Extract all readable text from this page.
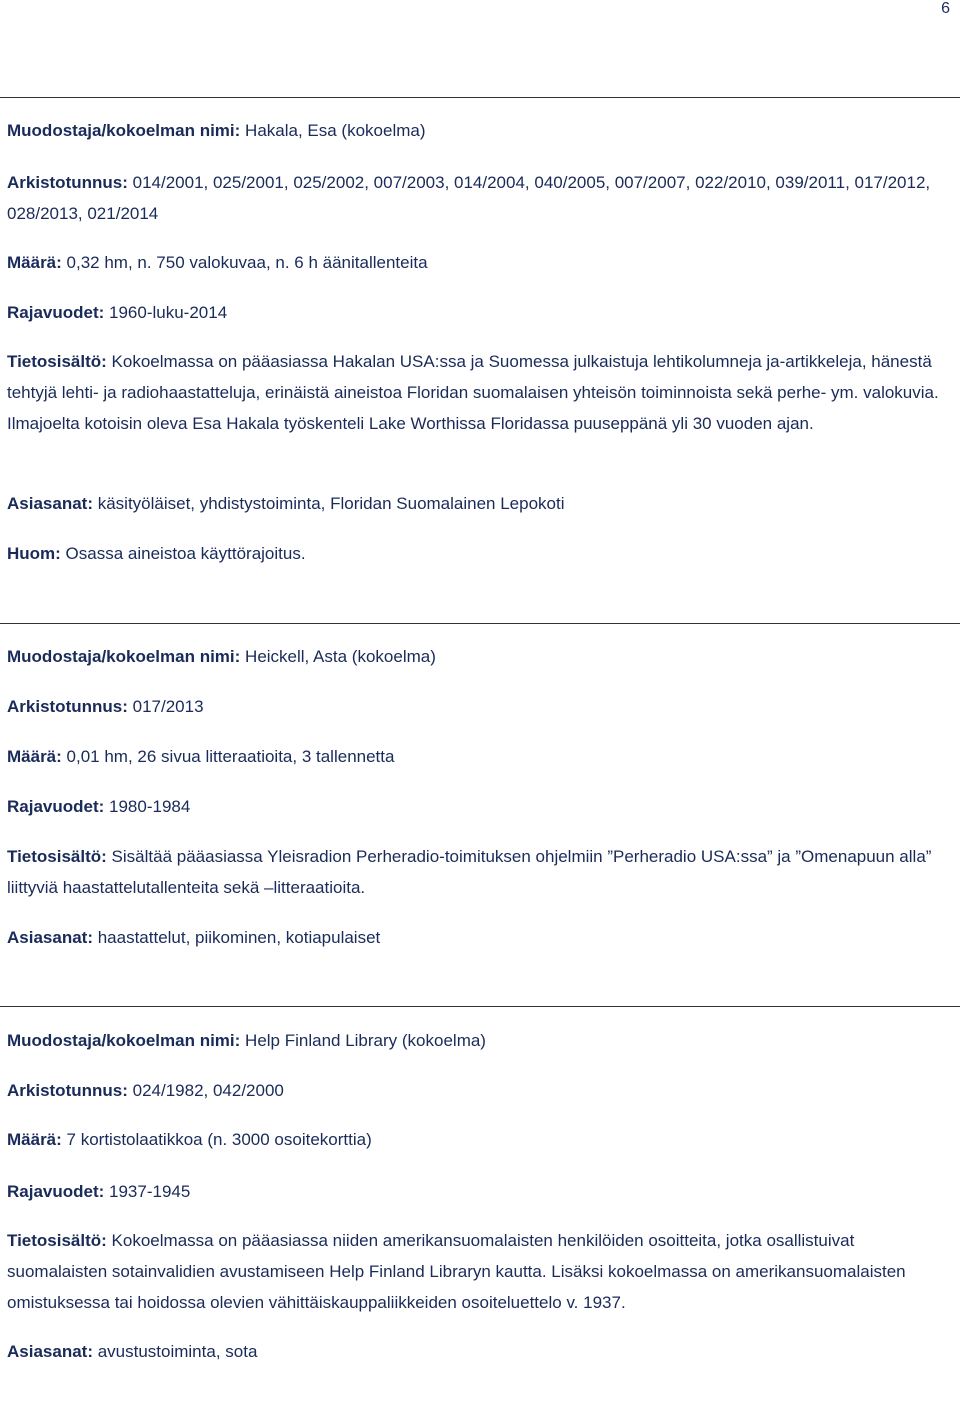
6
Muodostaja/kokoelman nimi: Hakala, Esa (kokoelma)
Arkistotunnus: 014/2001, 025/2001, 025/2002, 007/2003, 014/2004, 040/2005, 007/2007, 022/2010, 039/2011, 017/2012, 028/2013, 021/2014
Määrä: 0,32 hm, n. 750 valokuvaa, n. 6 h äänitallenteita
Rajavuodet: 1960-luku-2014
Tietosisältö: Kokoelmassa on pääasiassa Hakalan USA:ssa ja Suomessa julkaistuja lehtikolumneja ja-artikkeleja, hänestä tehtyjä lehti- ja radiohaastatteluja, erinäistä aineistoa Floridan suomalaisen yhteisön toiminnoista sekä perhe- ym. valokuvia. Ilmajoelta kotoisin oleva Esa Hakala työskenteli Lake Worthissa Floridassa puuseppänä yli 30 vuoden ajan.
Asiasanat: käsityöläiset, yhdistystoiminta, Floridan Suomalainen Lepokoti
Huom: Osassa aineistoa käyttörajoitus.
Muodostaja/kokoelman nimi: Heickell, Asta (kokoelma)
Arkistotunnus: 017/2013
Määrä: 0,01 hm, 26 sivua litteraatioita, 3 tallennetta
Rajavuodet: 1980-1984
Tietosisältö: Sisältää pääasiassa Yleisradion Perheradio-toimituksen ohjelmiin ”Perheradio USA:ssa” ja ”Omenapuun alla” liittyviä haastattelutallenteita sekä –litteraatioita.
Asiasanat: haastattelut, piikominen, kotiapulaiset
Muodostaja/kokoelman nimi: Help Finland Library (kokoelma)
Arkistotunnus: 024/1982, 042/2000
Määrä: 7 kortistolaatikkoa (n. 3000 osoitekorttia)
Rajavuodet: 1937-1945
Tietosisältö: Kokoelmassa on pääasiassa niiden amerikansuomalaisten henkilöiden osoitteita, jotka osallistuivat suomalaisten sotainvalidien avustamiseen Help Finland Libraryn kautta. Lisäksi kokoelmassa on amerikansuomalaisten omistuksessa tai hoidossa olevien vähittäiskauppaliikkeiden osoiteluettelo v. 1937.
Asiasanat: avustustoiminta, sota
